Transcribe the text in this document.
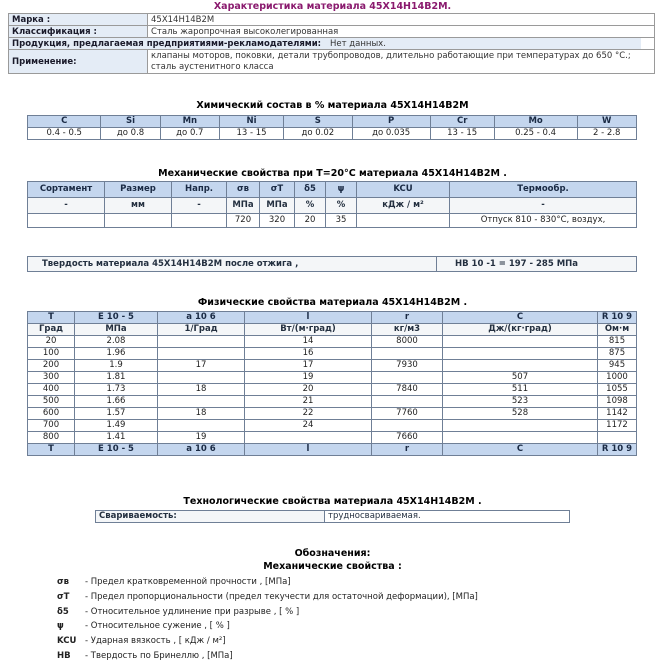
Характеристика материала 45Х14Н14В2М.
Марка :	45Х14Н14В2М	
Классификация :	Сталь жаропрочная высоколегированная	
Продукция, предлагаемая предприятиями-рекламодателями: Нет данных.		
Применение:	клапаны моторов, поковки, детали трубопроводов, длительно работающие при температурах до 650 °С.; сталь аустенитного класса	
Химический состав в % материала 45Х14Н14В2М
C	Si	Mn	Ni	S	P	Cr	Mo	W
0.4 - 0.5	до 0.8	до 0.7	13 - 15	до 0.02	до 0.035	13 - 15	0.25 - 0.4	2 - 2.8
Механические свойства при Т=20°С материала 45Х14Н14В2М .
Сортамент	Размер	Напр.	σв	σT	δ5	ψ	KCU	Термообр.
-	мм	-	МПа	МПа	%	%	кДж / м²	-
			720	320	20	35		Отпуск 810 - 830°С, воздух,
Твердость материала 45Х14Н14В2М после отжига ,	HB 10 -1 = 197 - 285 МПа
Физические свойства материала 45Х14Н14В2М .
T	E 10 - 5	a 10 6	l	r	C	R 10 9
Град	МПа	1/Град	Вт/(м·град)	кг/м3	Дж/(кг·град)	Ом·м
20	2.08		14	8000		815
100	1.96		16			875
200	1.9	17	17	7930		945
300	1.81		19		507	1000
400	1.73	18	20	7840	511	1055
500	1.66		21		523	1098
600	1.57	18	22	7760	528	1142
700	1.49		24			1172
800	1.41	19		7660		
T	E 10 - 5	a 10 6	l	r	C	R 10 9
Технологические свойства материала 45Х14Н14В2М .
Свариваемость:	трудносвариваемая.
Обозначения:
Механические свойства :
σв - Предел кратковременной прочности , [МПа]
σT - Предел пропорциональности (предел текучести для остаточной деформации), [МПа]
δ5 - Относительное удлинение при разрыве , [ % ]
ψ	- Относительное сужение , [ % ]
KCU - Ударная вязкость , [ кДж / м²]
HB - Твердость по Бринеллю , [МПа]
